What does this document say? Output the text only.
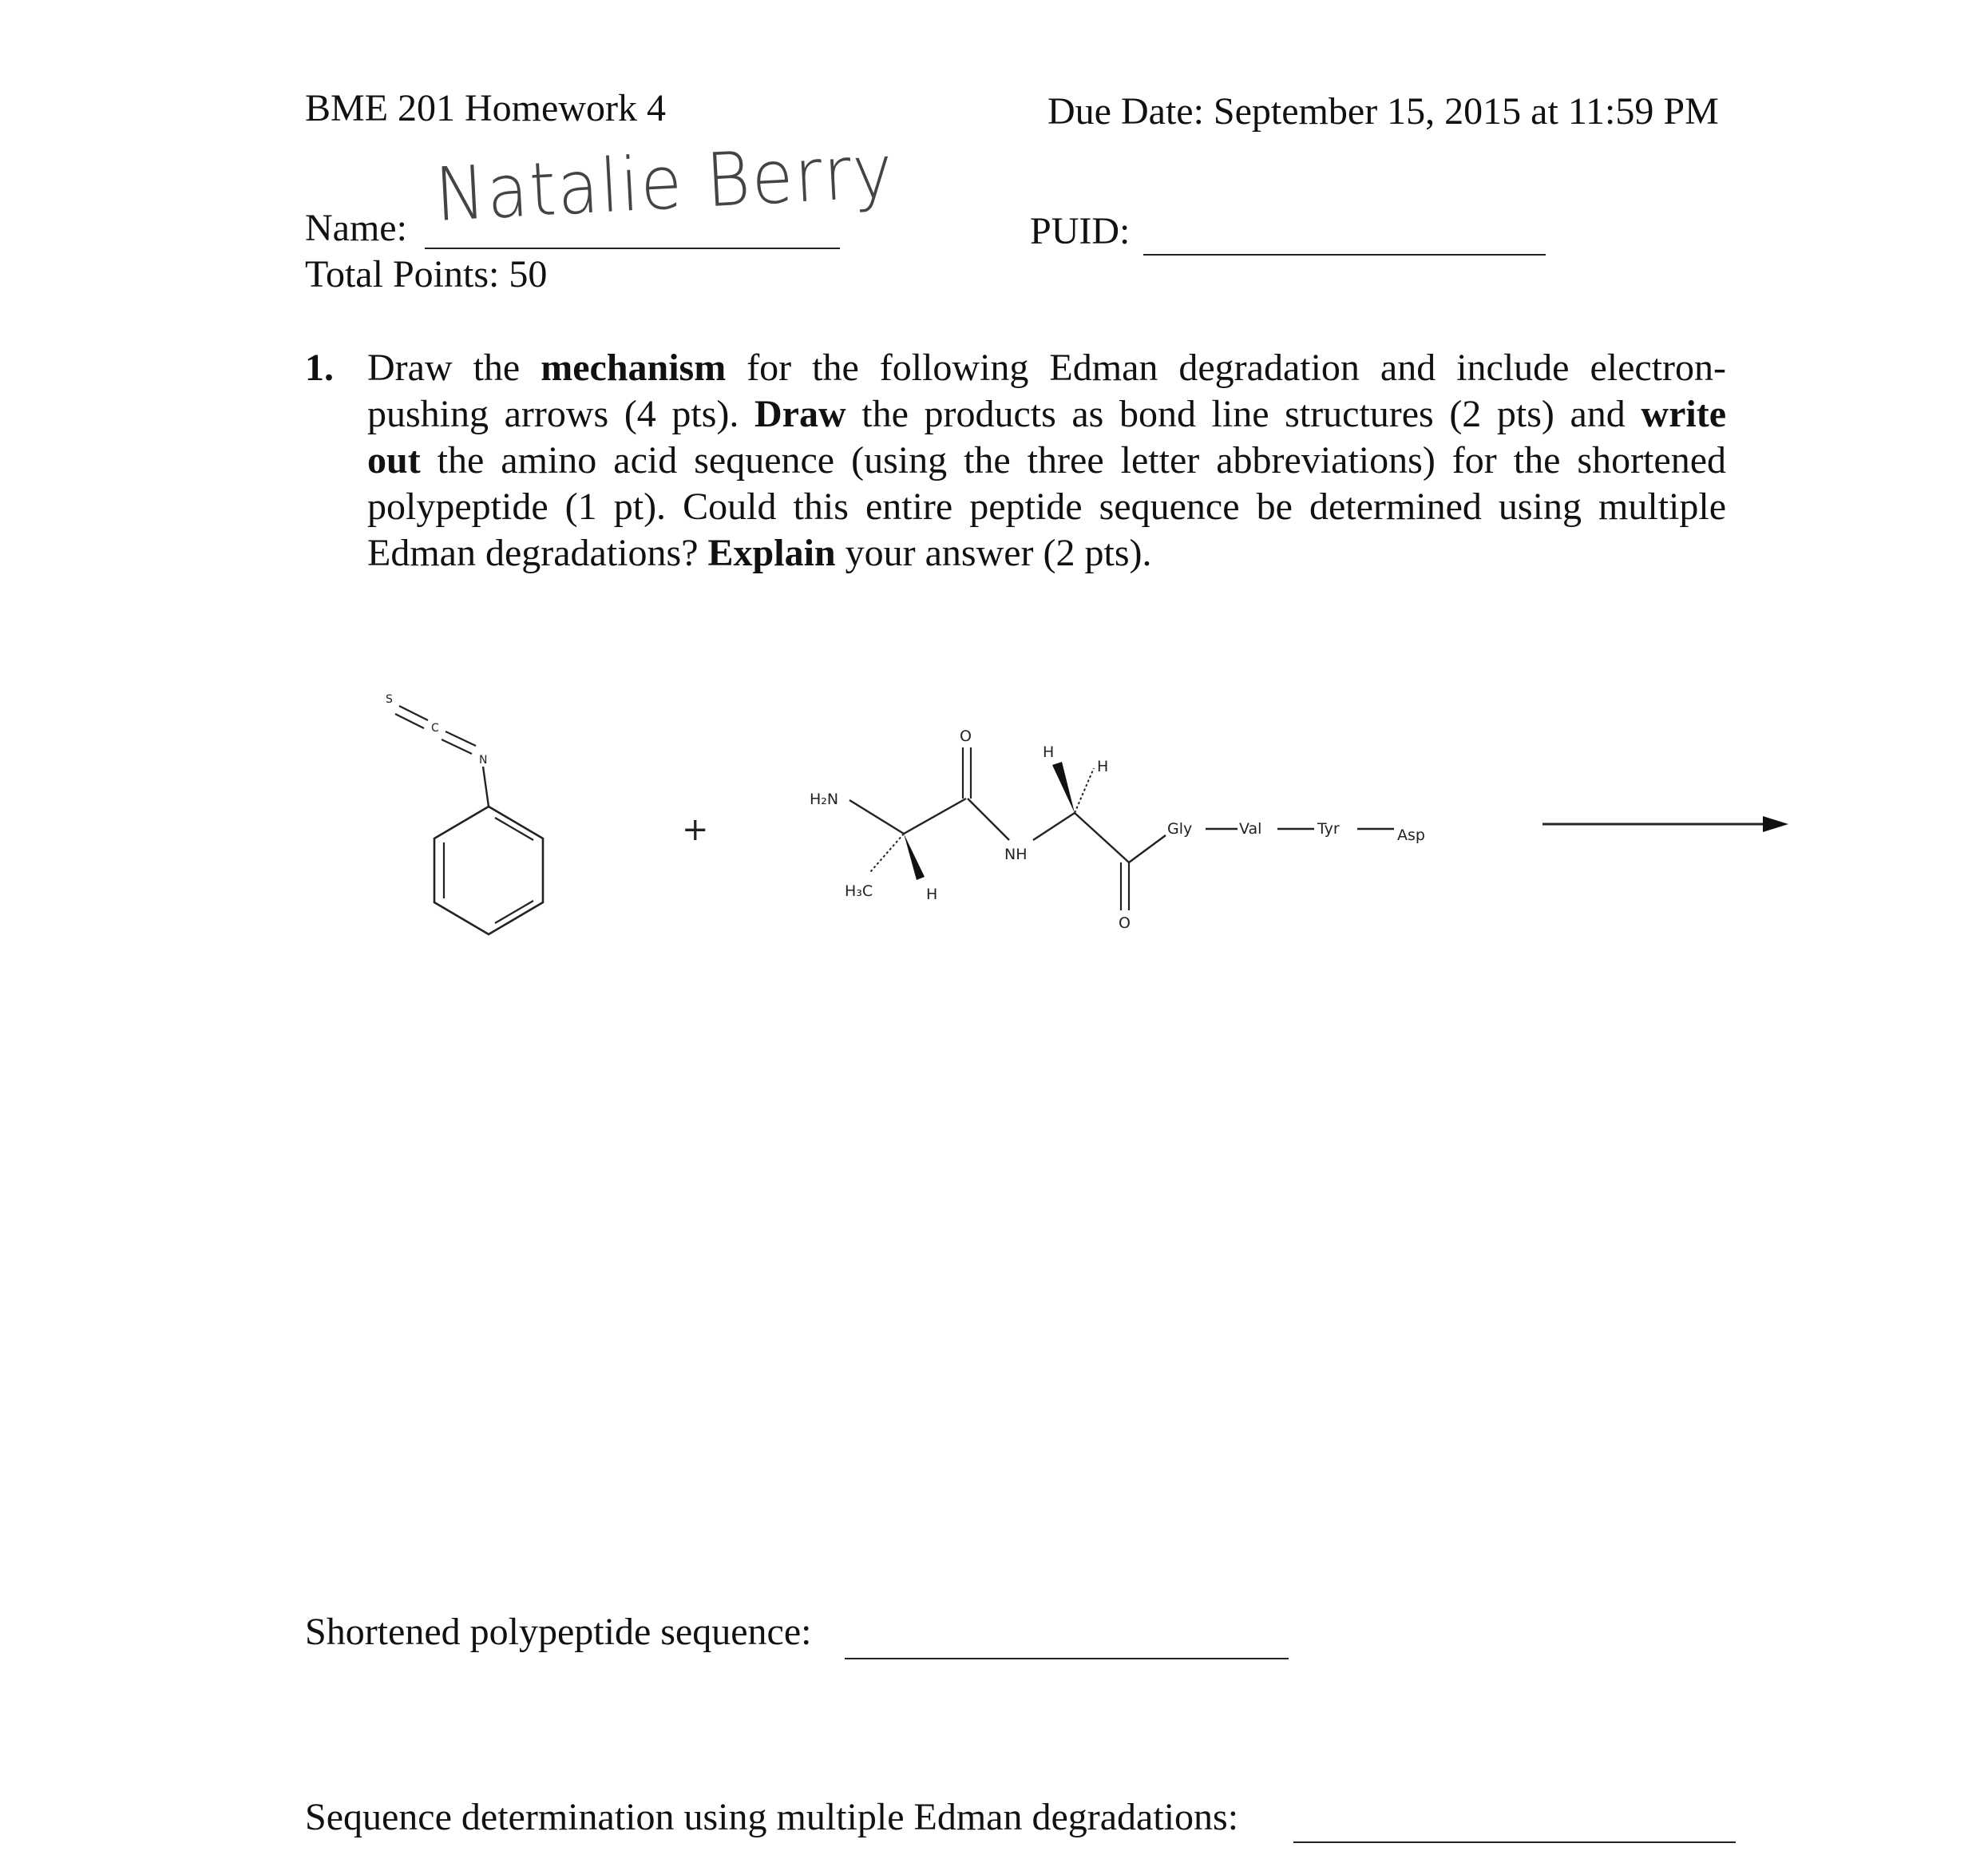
BME 201 Homework 4	Due Date: September 15, 2015 at 11:59 PM
Name: Natalie Berry
Total Points: 50
PUID:
1. Draw the mechanism for the following Edman degradation and include electron-
pushing arrows (4 pts). Draw the products as bond line structures (2 pts) and write
out the amino acid sequence (using the three letter abbreviations) for the shortened
polypeptide (1 pt). Could this entire peptide sequence be determined using multiple
Edman degradations? Explain your answer (2 pts).
S
C
N
+
H₂N
H₃C	H
O
NH
H
H
O
Gly	Val	Tyr	Asp
Shortened polypeptide sequence:
Sequence determination using multiple Edman degradations:
